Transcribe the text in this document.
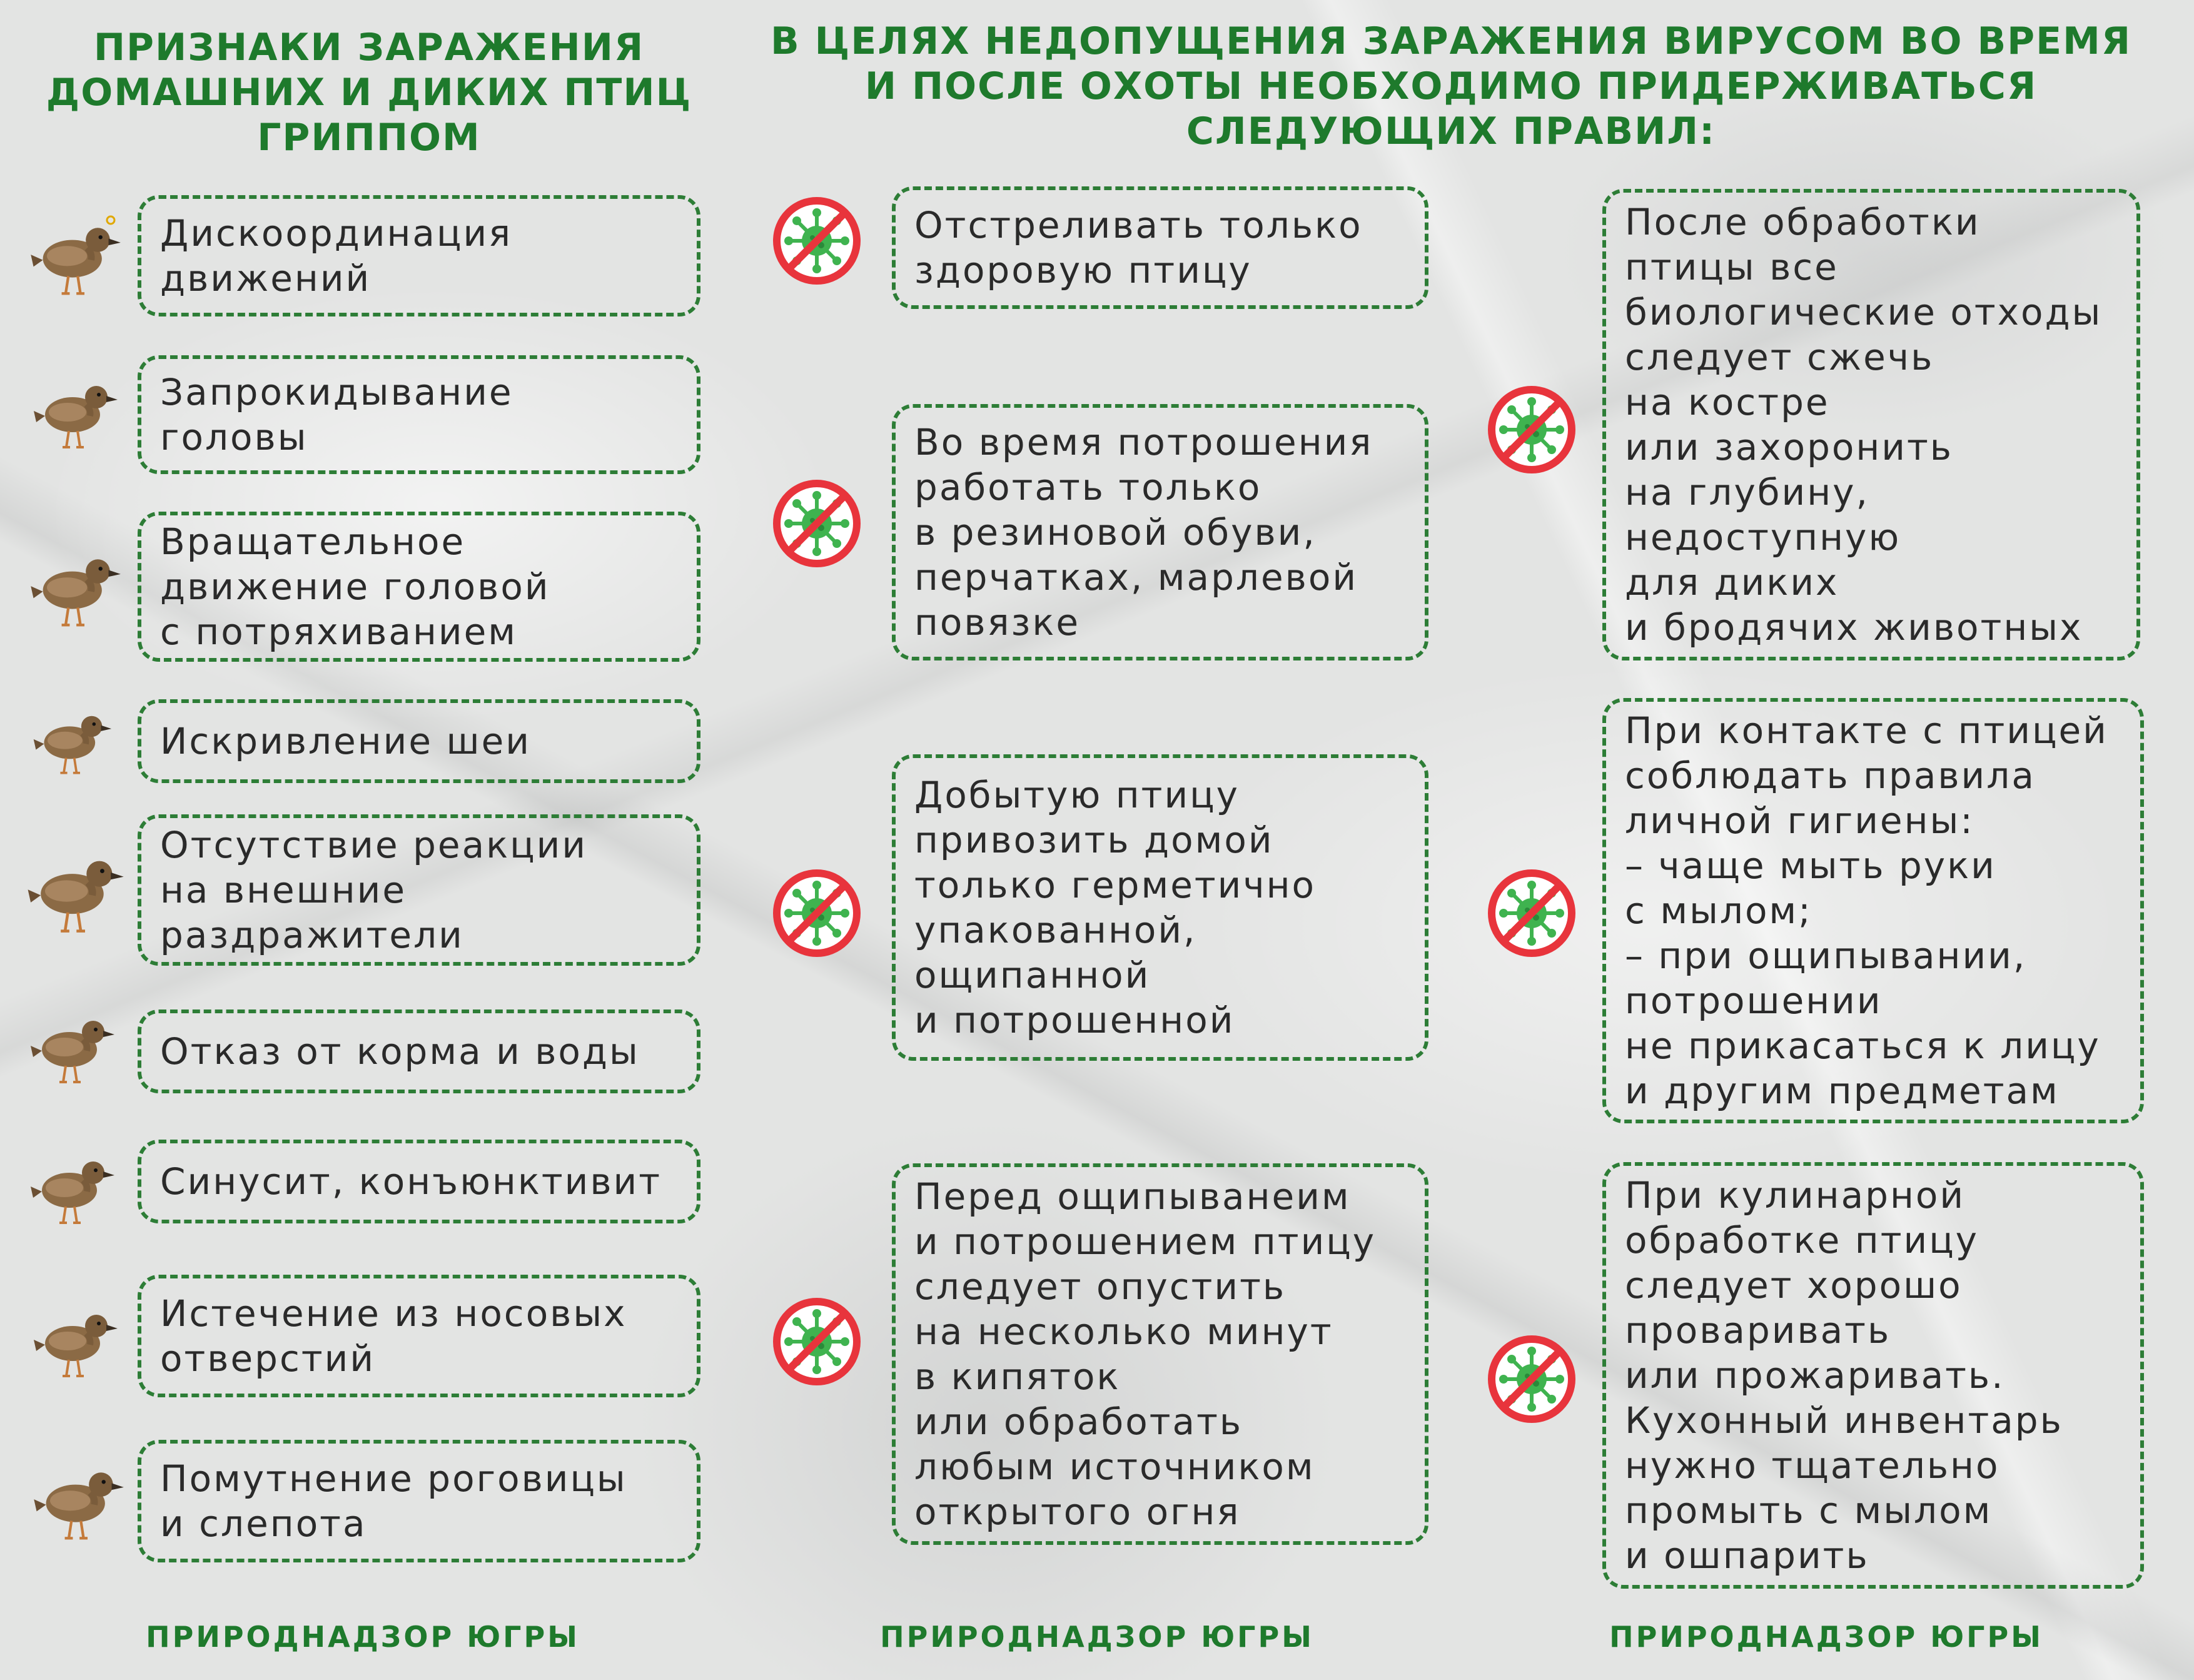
ПРИЗНАКИ ЗАРАЖЕНИЯ
ДОМАШНИХ И ДИКИХ ПТИЦ
ГРИППОМ
В ЦЕЛЯХ НЕДОПУЩЕНИЯ ЗАРАЖЕНИЯ ВИРУСОМ ВО ВРЕМЯ
И ПОСЛЕ ОХОТЫ НЕОБХОДИМО ПРИДЕРЖИВАТЬСЯ
СЛЕДУЮЩИХ ПРАВИЛ:
Дискоординация
движений
Запрокидывание
головы
Вращательное
движение головой
с потряхиванием
Искривление шеи
Отсутствие реакции
на внешние
раздражители
Отказ от корма и воды
Синусит, конъюнктивит
Истечение из носовых
отверстий
Помутнение роговицы
и слепота
Отстреливать только
здоровую птицу
Во время потрошения
работать только
в резиновой обуви,
перчатках, марлевой
повязке
Добытую птицу
привозить домой
только герметично
упакованной,
ощипанной
и потрошенной
Перед ощипыванеим
и потрошением птицу
следует опустить
на несколько минут
в кипяток
или обработать
любым источником
открытого огня
После обработки
птицы все
биологические отходы
следует сжечь
на костре
или захоронить
на глубину,
недоступную
для диких
и бродячих животных
При контакте с птицей
соблюдать правила
личной гигиены:
– чаще мыть руки
с мылом;
– при ощипывании,
потрошении
не прикасаться к лицу
и другим предметам
При кулинарной
обработке птицу
следует хорошо
проваривать
или прожаривать.
Кухонный инвентарь
нужно тщательно
промыть с мылом
и ошпарить

ПРИРОДНАДЗОР ЮГРЫ	ПРИРОДНАДЗОР ЮГРЫ	ПРИРОДНАДЗОР ЮГРЫ
